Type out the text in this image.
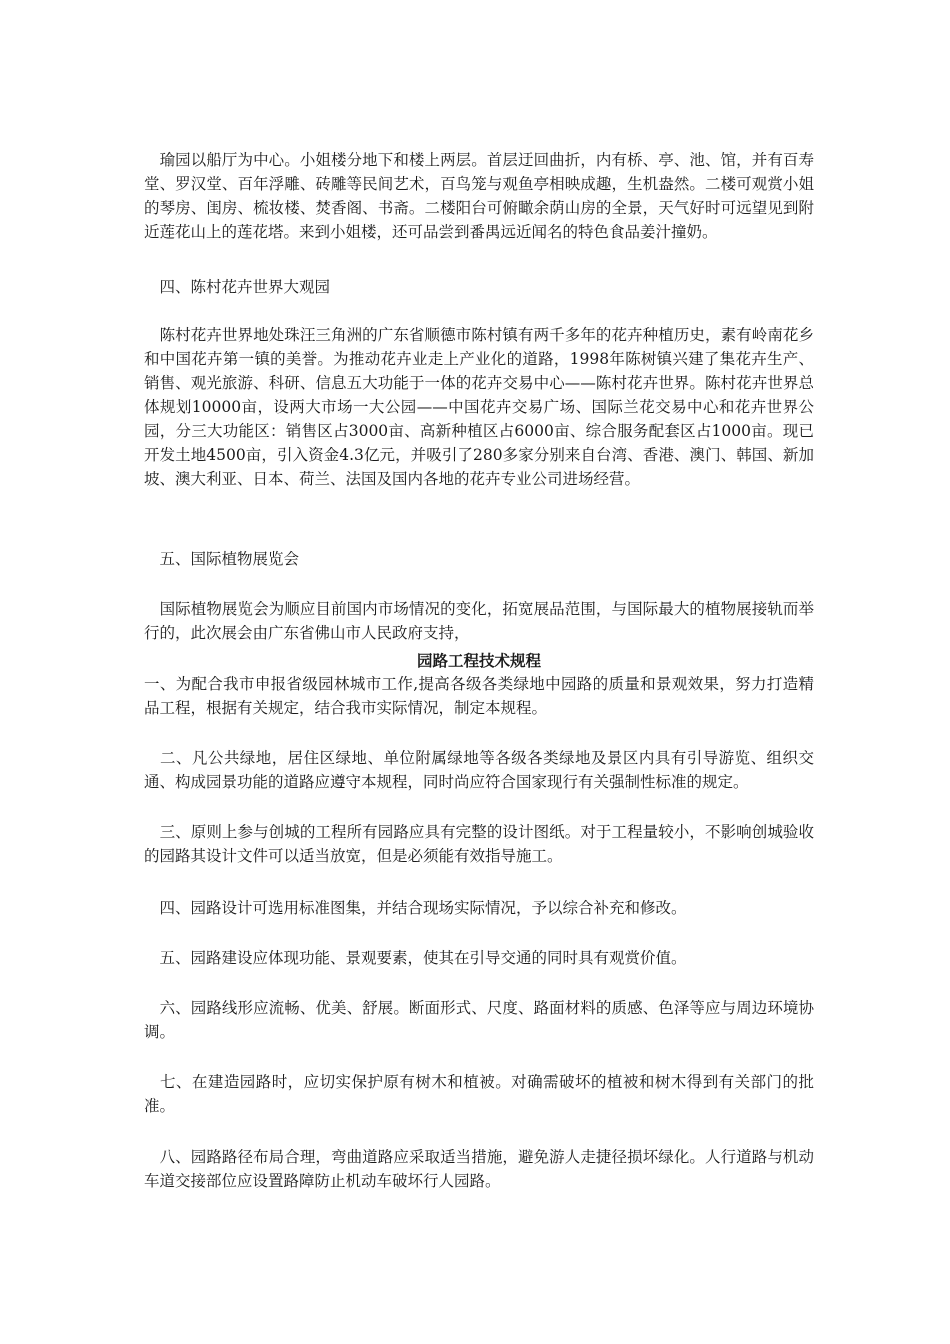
　瑜园以船厅为中心。小姐楼分地下和楼上两层。首层迂回曲折，内有桥、亭、池、馆，并有百寿堂、罗汉堂、百年浮雕、砖雕等民间艺术，百鸟笼与观鱼亭相映成趣，生机盎然。二楼可观赏小姐的琴房、闺房、梳妆楼、焚香阁、书斋。二楼阳台可俯瞰余荫山房的全景，天气好时可远望见到附近莲花山上的莲花塔。来到小姐楼，还可品尝到番禺远近闻名的特色食品姜汁撞奶。

　四、陈村花卉世界大观园

　陈村花卉世界地处珠汪三角洲的广东省顺德市陈村镇有两千多年的花卉种植历史，素有岭南花乡和中国花卉第一镇的美誉。为推动花卉业走上产业化的道路，1998年陈树镇兴建了集花卉生产、销售、观光旅游、科研、信息五大功能于一体的花卉交易中心——陈村花卉世界。陈村花卉世界总体规划10000亩，设两大市场一大公园——中国花卉交易广场、国际兰花交易中心和花卉世界公园，分三大功能区：销售区占3000亩、高新种植区占6000亩、综合服务配套区占1000亩。现已开发土地4500亩，引入资金4.3亿元，并吸引了280多家分别来自台湾、香港、澳门、韩国、新加坡、澳大利亚、日本、荷兰、法国及国内各地的花卉专业公司进场经营。

　五、国际植物展览会

　国际植物展览会为顺应目前国内市场情况的变化，拓宽展品范围，与国际最大的植物展接轨而举行的，此次展会由广东省佛山市人民政府支持，

园路工程技术规程

一、为配合我市申报省级园林城市工作,提高各级各类绿地中园路的质量和景观效果，努力打造精品工程，根据有关规定，结合我市实际情况，制定本规程。

　二、凡公共绿地，居住区绿地、单位附属绿地等各级各类绿地及景区内具有引导游览、组织交通、构成园景功能的道路应遵守本规程，同时尚应符合国家现行有关强制性标准的规定。

　三、原则上参与创城的工程所有园路应具有完整的设计图纸。对于工程量较小，不影响创城验收的园路其设计文件可以适当放宽，但是必须能有效指导施工。

　四、园路设计可选用标准图集，并结合现场实际情况，予以综合补充和修改。

　五、园路建设应体现功能、景观要素，使其在引导交通的同时具有观赏价值。

　六、园路线形应流畅、优美、舒展。断面形式、尺度、路面材料的质感、色泽等应与周边环境协调。

　七、在建造园路时，应切实保护原有树木和植被。对确需破坏的植被和树木得到有关部门的批准。

　八、园路路径布局合理，弯曲道路应采取适当措施，避免游人走捷径损坏绿化。人行道路与机动车道交接部位应设置路障防止机动车破坏行人园路。
